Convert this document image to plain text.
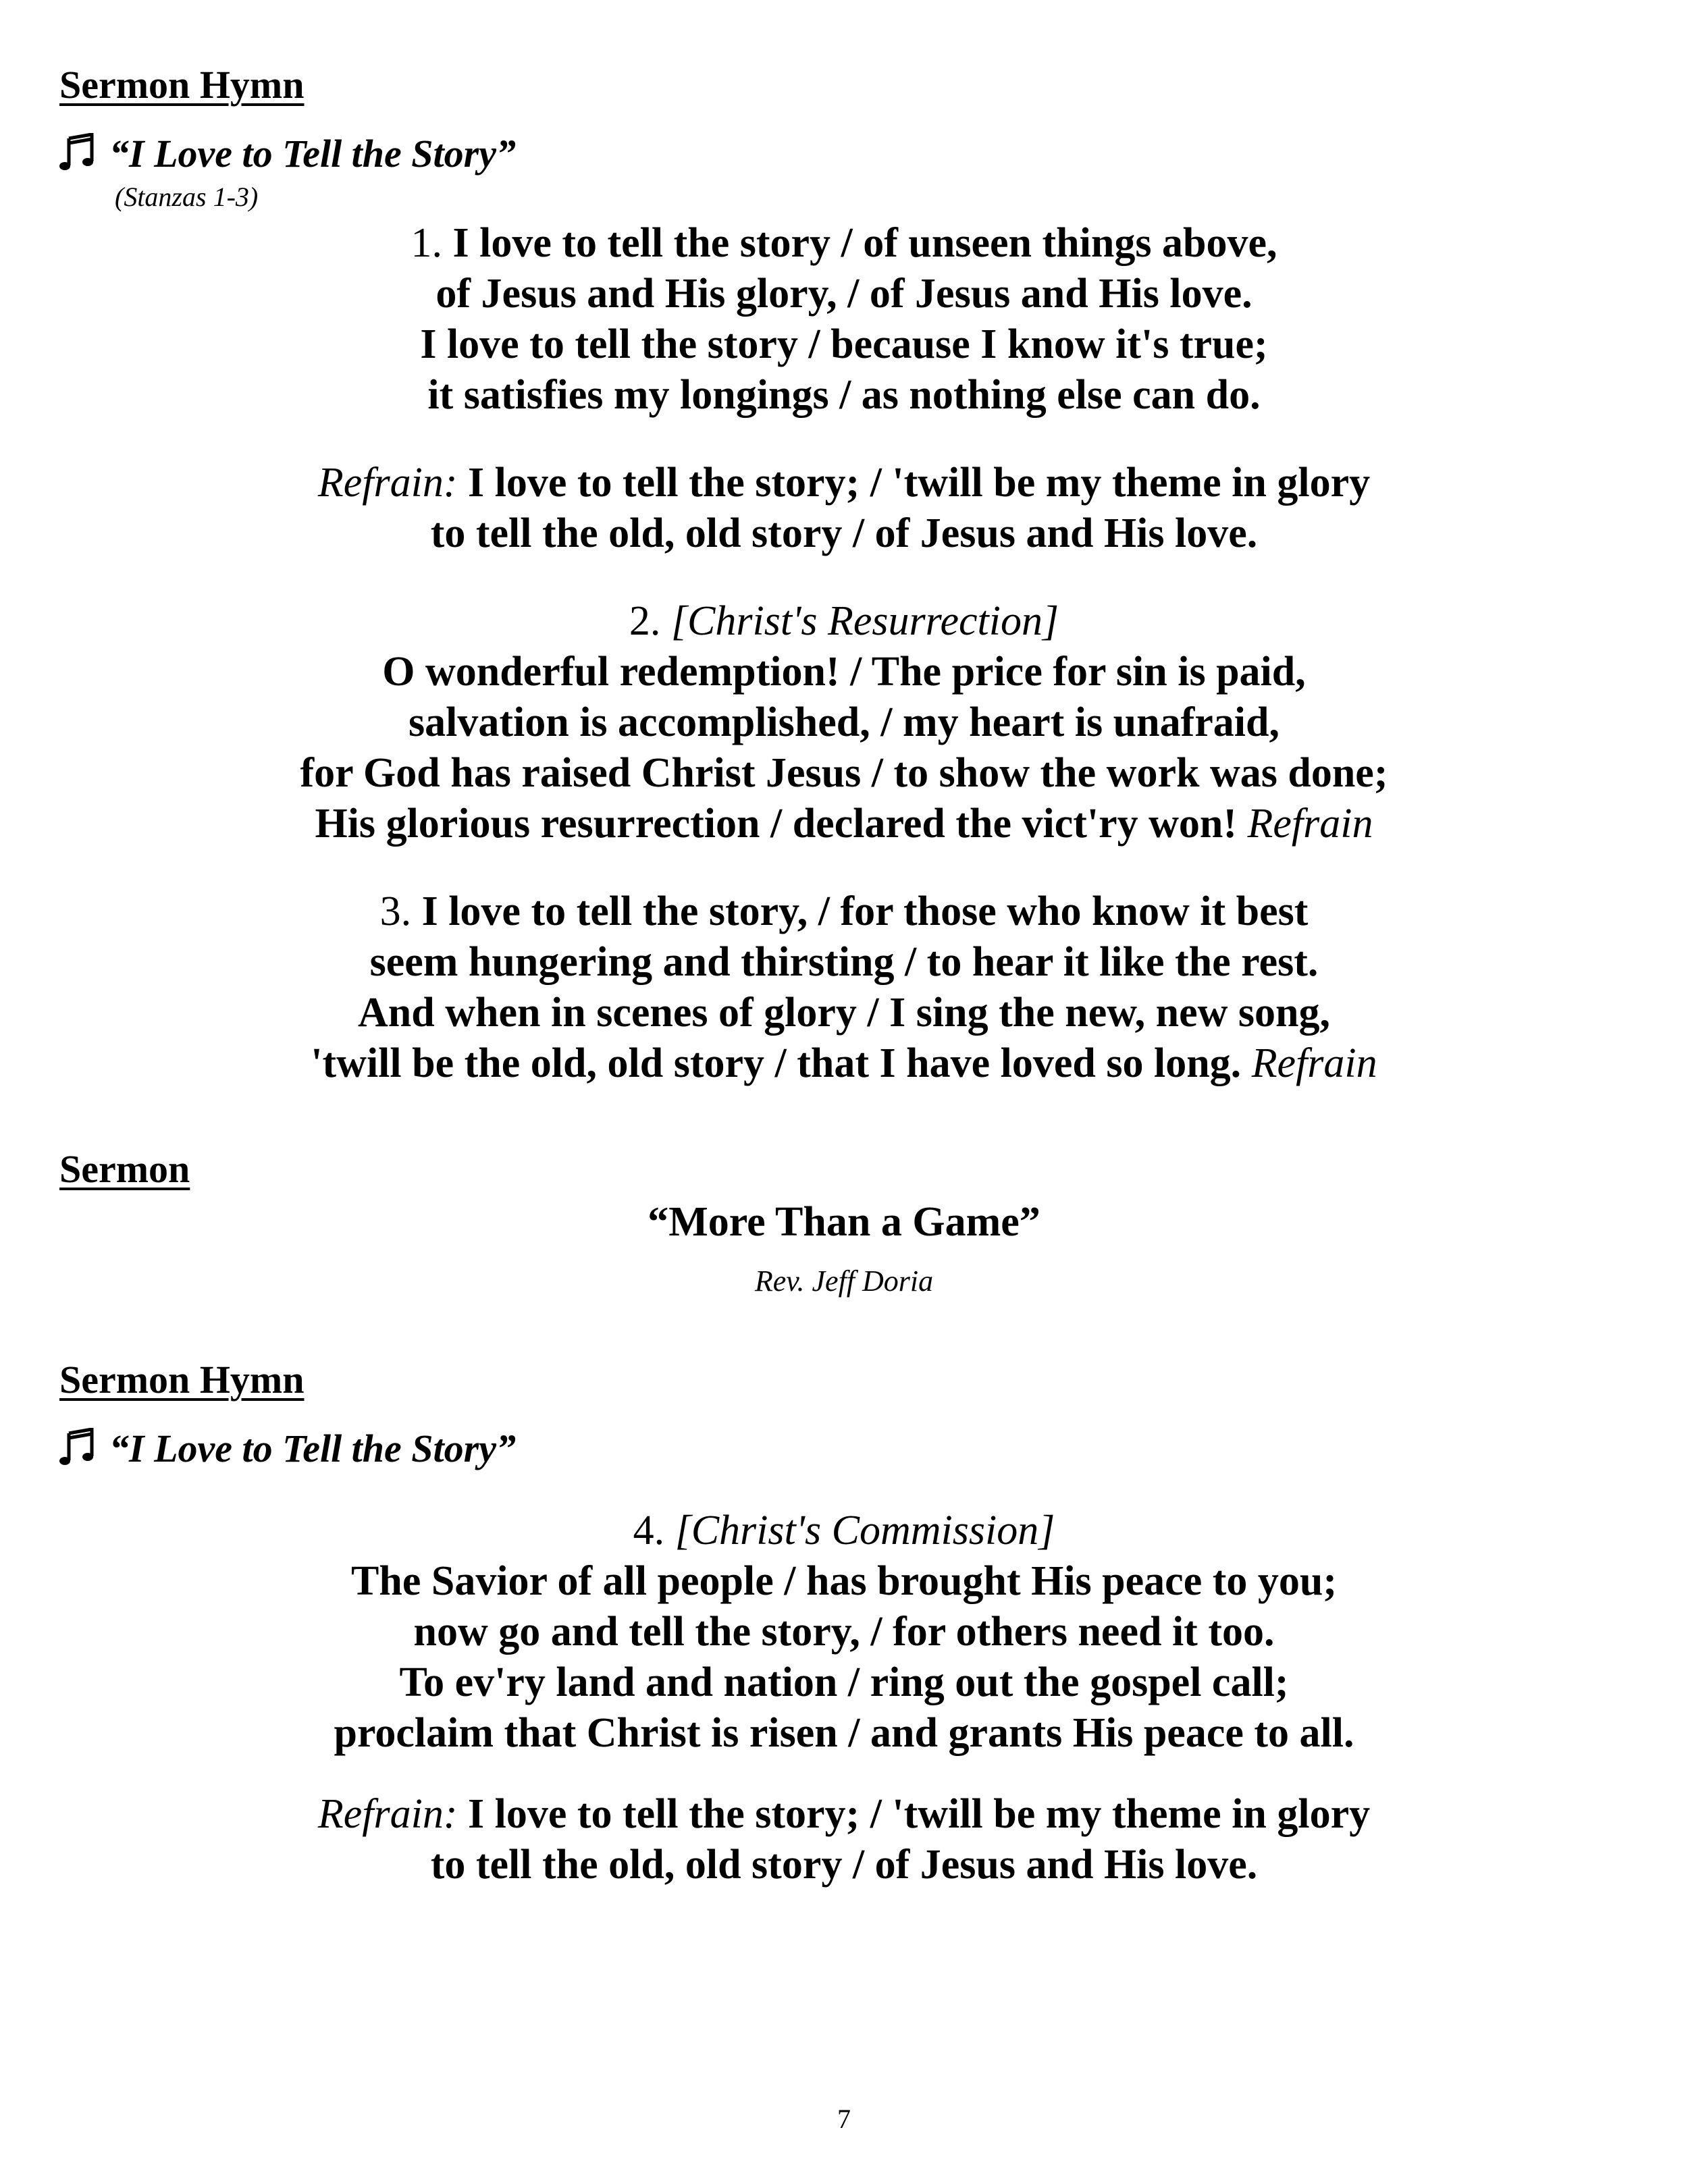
Sermon Hymn
“I Love to Tell the Story”
(Stanzas 1-3)
1. I love to tell the story / of unseen things above,
of Jesus and His glory, / of Jesus and His love.
I love to tell the story / because I know it's true;
it satisfies my longings / as nothing else can do.
Refrain: I love to tell the story; / 'twill be my theme in glory
to tell the old, old story / of Jesus and His love.
2. [Christ's Resurrection]
O wonderful redemption! / The price for sin is paid,
salvation is accomplished, / my heart is unafraid,
for God has raised Christ Jesus / to show the work was done;
His glorious resurrection / declared the vict'ry won! Refrain
3. I love to tell the story, / for those who know it best
seem hungering and thirsting / to hear it like the rest.
And when in scenes of glory / I sing the new, new song,
'twill be the old, old story / that I have loved so long. Refrain
Sermon
“More Than a Game”
Rev. Jeff Doria
Sermon Hymn
“I Love to Tell the Story”
4. [Christ's Commission]
The Savior of all people / has brought His peace to you;
now go and tell the story, / for others need it too.
To ev'ry land and nation / ring out the gospel call;
proclaim that Christ is risen / and grants His peace to all.
Refrain: I love to tell the story; / 'twill be my theme in glory
to tell the old, old story / of Jesus and His love.
7
